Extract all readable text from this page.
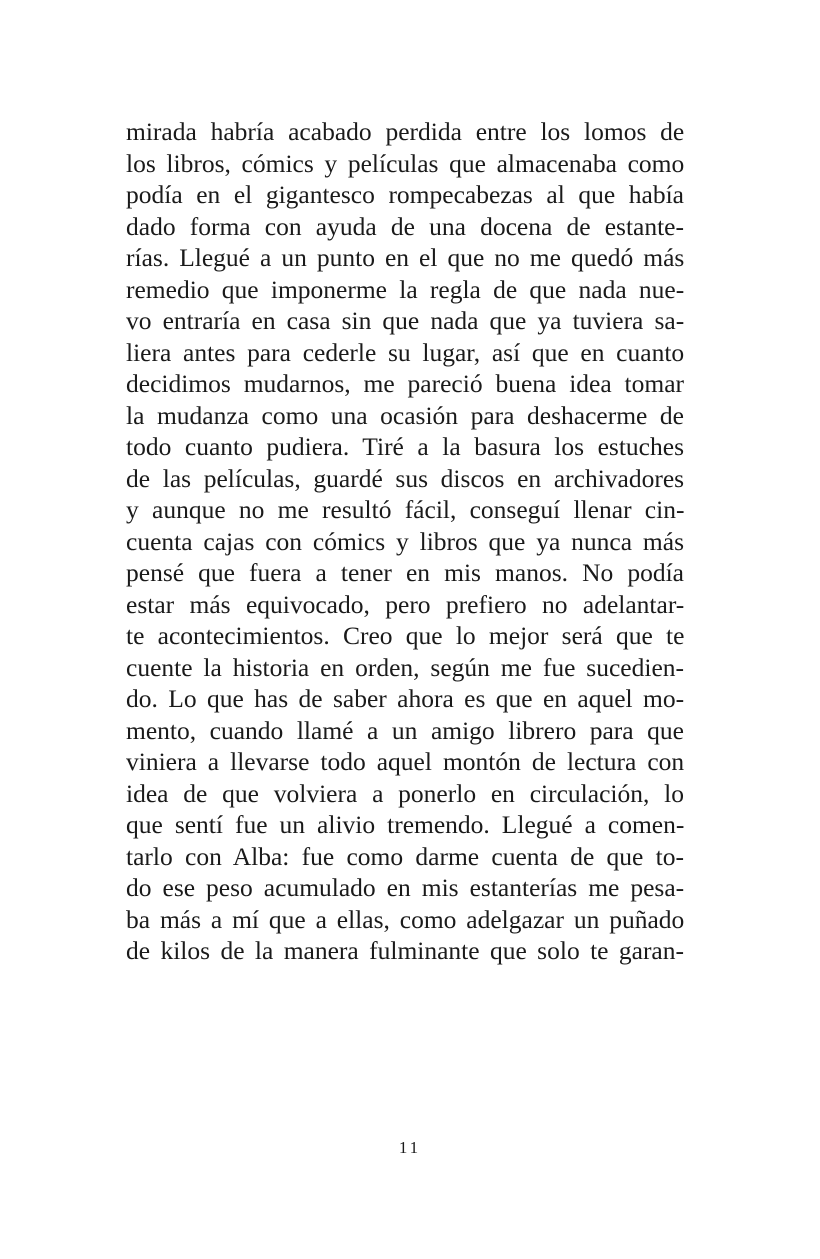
mirada habría acabado perdida entre los lomos de
los libros, cómics y películas que almacenaba como
podía en el gigantesco rompecabezas al que había
dado forma con ayuda de una docena de estante-
rías. Llegué a un punto en el que no me quedó más
remedio que imponerme la regla de que nada nue-
vo entraría en casa sin que nada que ya tuviera sa-
liera antes para cederle su lugar, así que en cuanto
decidimos mudarnos, me pareció buena idea tomar
la mudanza como una ocasión para deshacerme de
todo cuanto pudiera. Tiré a la basura los estuches
de las películas, guardé sus discos en archivadores
y aunque no me resultó fácil, conseguí llenar cin-
cuenta cajas con cómics y libros que ya nunca más
pensé que fuera a tener en mis manos. No podía
estar más equivocado, pero prefiero no adelantar-
te acontecimientos. Creo que lo mejor será que te
cuente la historia en orden, según me fue sucedien-
do. Lo que has de saber ahora es que en aquel mo-
mento, cuando llamé a un amigo librero para que
viniera a llevarse todo aquel montón de lectura con
idea de que volviera a ponerlo en circulación, lo
que sentí fue un alivio tremendo. Llegué a comen-
tarlo con Alba: fue como darme cuenta de que to-
do ese peso acumulado en mis estanterías me pesa-
ba más a mí que a ellas, como adelgazar un puñado
de kilos de la manera fulminante que solo te garan-
11
